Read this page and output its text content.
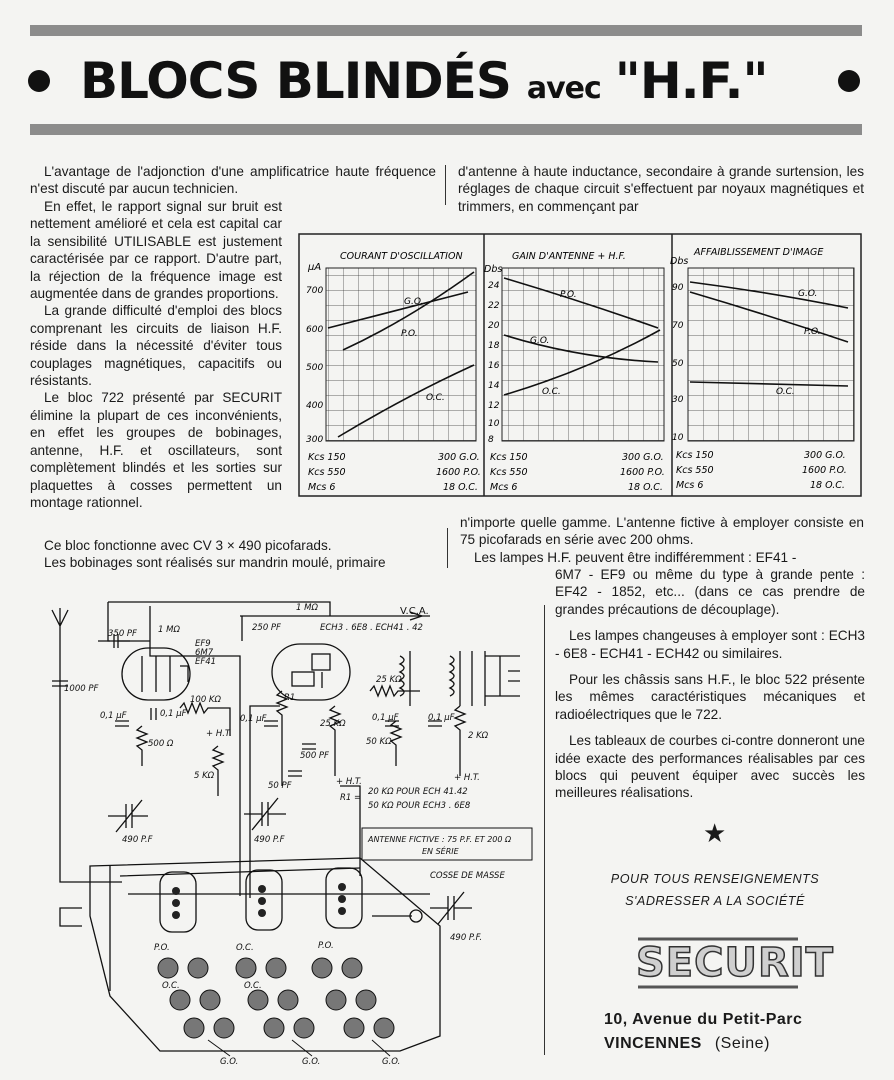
BLOCS BLINDÉS avec "H.F."

L'avantage de l'adjonction d'une amplificatrice haute fréquence n'est discuté par aucun technicien.

En effet, le rapport signal sur bruit est nettement amélioré et cela est capital car la sensibilité UTILISABLE est justement caractérisée par ce rapport. D'autre part, la réjection de la fréquence image est augmentée dans de grandes proportions.

La grande difficulté d'emploi des blocs comprenant les circuits de liaison H.F. réside dans la nécessité d'éviter tous couplages magnétiques, capacitifs ou résistants.

Le bloc 722 présenté par SECURIT élimine la plupart de ces inconvénients, en effet les groupes de bobinages, antenne, H.F. et oscillateurs, sont complètement blindés et les sorties sur plaquettes à cosses permettent un montage rationnel.

Ce bloc fonctionne avec CV 3 × 490 picofarads.

Les bobinages sont réalisés sur mandrin moulé, primaire

d'antenne à haute inductance, secondaire à grande surtension, les réglages de chaque circuit s'effectuent par noyaux magnétiques et trimmers, en commençant par
COURANT D'OSCILLATION
μA
700
600
500
400
300
G.O.
P.O.
O.C.
Kcs 150	300 G.O.
Kcs 550	1600 P.O.
Mcs 6	18 O.C.
GAIN D'ANTENNE + H.F.
Dbs
24
22
20
18
16
14
12
10
8
P.O.
G.O.
O.C.
Kcs 150	300 G.O.
Kcs 550	1600 P.O.
Mcs 6	18 O.C.
AFFAIBLISSEMENT D'IMAGE
Dbs
90
70
50
30
10
G.O.
P.O.
O.C.
Kcs 150	300 G.O.
Kcs 550	1600 P.O.
Mcs 6	18 O.C.
n'importe quelle gamme. L'antenne fictive à employer consiste en 75 picofarads en série avec 200 ohms.
Les lampes H.F. peuvent être indifféremment : EF41 -
6M7 - EF9 ou même du type à grande pente : EF42 - 1852, etc... (dans ce cas prendre de grandes précautions de découplage).

Les lampes changeuses à employer sont : ECH3 - 6E8 - ECH41 - ECH42 ou similaires.

Pour les châssis sans H.F., le bloc 522 présente les mêmes caractéristiques mécaniques et radioélectriques que le 722.

Les tableaux de courbes ci-contre donneront une idée exacte des performances réalisables par ces blocs qui peuvent équiper avec succès les meilleures réalisations.

V.C.A.
EF9
6M7
EF41
ECH3 . 6E8 . ECH41 . 42
350 PF 1 MΩ
1 MΩ
250 PF
1000 PF
0,1 μF	0,1 μF
100 KΩ
500 Ω
+ H.T.
5 KΩ
490 P.F
R1
0,1 μF
500 PF
25 KΩ
25 KΩ
0,1 μF	0,1 μF
50 KΩ
2 KΩ
+ H.T.	+ H.T.
50 PF
R1 =
20 KΩ POUR ECH 41.42
50 KΩ POUR ECH3 . 6E8
490 P.F	ANTENNE FICTIVE : 75 P.F. ET 200 Ω
EN SÉRIE
COSSE DE MASSE
490 P.F.
P.O.	O.C.	P.O.
O.C.	O.C.
G.O.	G.O.	G.O.
★
POUR TOUS RENSEIGNEMENTS
S'ADRESSER A LA SOCIÉTÉ
SECURIT
10, Avenue du Petit-Parc
VINCENNES (Seine)
